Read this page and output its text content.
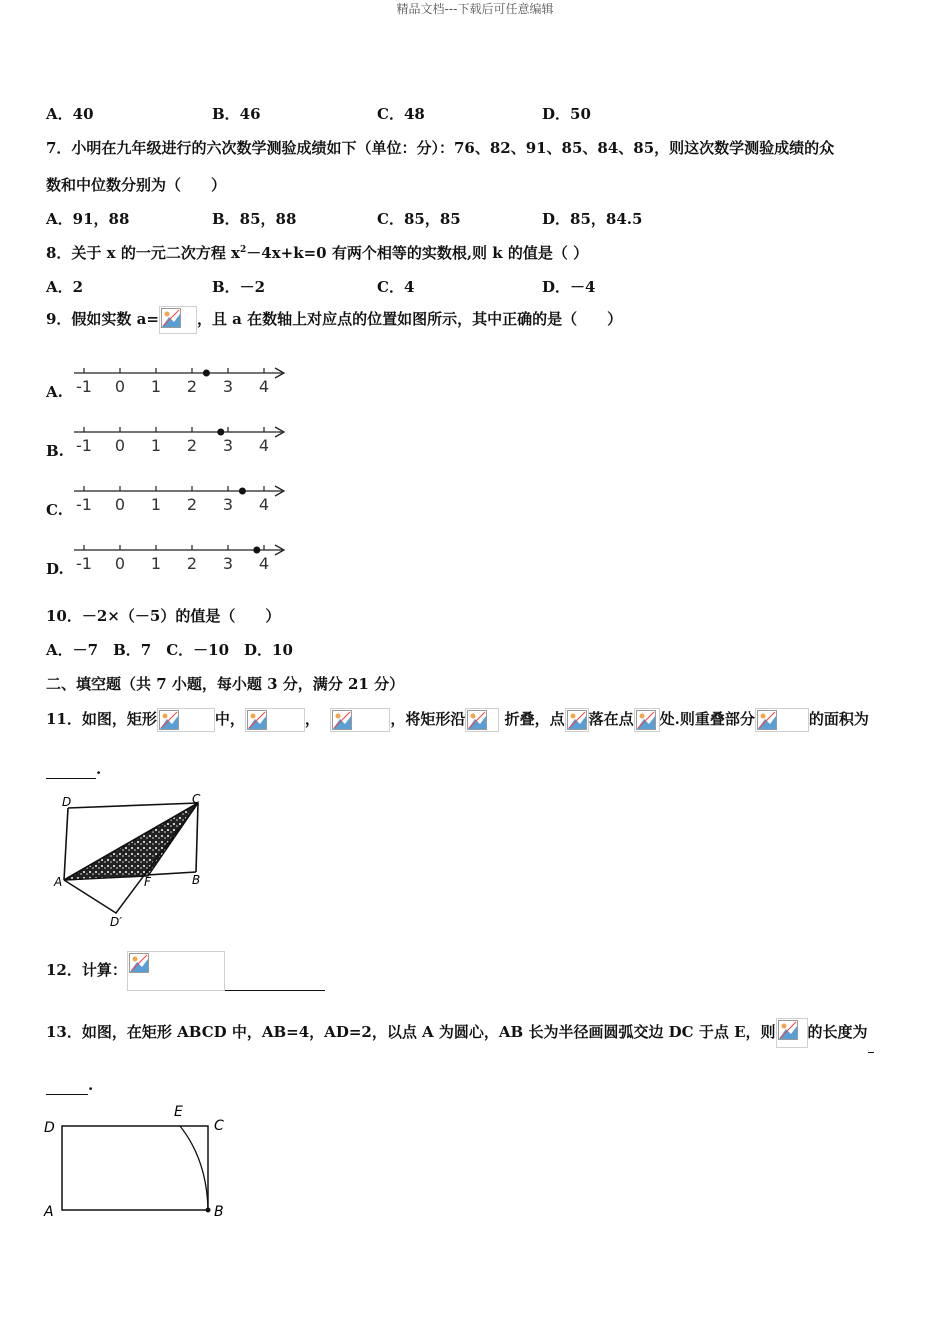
精品文档---下载后可任意编辑
A．40	B．46	C．48	D．50
7．小明在九年级进行的六次数学测验成绩如下（单位：分）：76、82、91、85、84、85，则这次数学测验成绩的众
数和中位数分别为（　　）
A．91，88	B．85，88	C．85，85	D．85，84.5
8．关于 x 的一元二次方程 $x^2-4x+k=0$ 有两个相等的实数根,则 k 的值是（ ）
A．2	B．－2	C．4	D．－4
9．假如实数 a=	，且 a 在数轴上对应点的位置如图所示，其中正确的是（　　）
A. -1 0 1 2 3 4
B. -1 0 1 2 3 4
C. -1 0 1 2 3 4
D. -1 0 1 2 3 4
10．－2×（－5）的值是（　　）
A．－7　B．7　C．－10　D．10
二、填空题（共 7 小题，每小题 3 分，满分 21 分）
11．如图，矩形	中，	，	，将矩形沿	折叠，点 落在点 处.则重叠部分	的面积为
.
D	C
A	F	B
D′
12．计算：

13．如图，在矩形 ABCD 中，AB=4，AD=2，以点 A 为圆心，AB 长为半径画圆弧交边 DC 于点 E，则 的长度为
.
D
E
C
A	B
